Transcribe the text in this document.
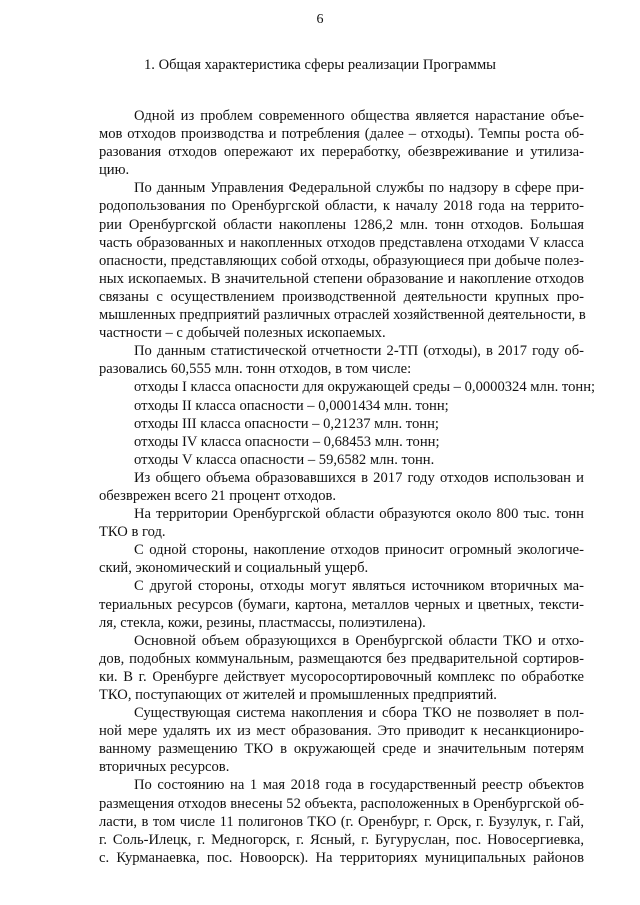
6
1. Общая характеристика сферы реализации Программы
Одной из проблем современного общества является нарастание объе-
мов отходов производства и потребления (далее – отходы). Темпы роста об-
разования отходов опережают их переработку, обезвреживание и утилиза-
цию.
По данным Управления Федеральной службы по надзору в сфере при-
родопользования по Оренбургской области, к началу 2018 года на террито-
рии Оренбургской области накоплены 1286,2 млн. тонн отходов. Большая
часть образованных и накопленных отходов представлена отходами V класса
опасности, представляющих собой отходы, образующиеся при добыче полез-
ных ископаемых. В значительной степени образование и накопление отходов
связаны с осуществлением производственной деятельности крупных про-
мышленных предприятий различных отраслей хозяйственной деятельности, в
частности – с добычей полезных ископаемых.
По данным статистической отчетности 2-ТП (отходы), в 2017 году об-
разовались 60,555 млн. тонн отходов, в том числе:
отходы I класса опасности для окружающей среды – 0,0000324 млн. тонн;
отходы II класса опасности – 0,0001434 млн. тонн;
отходы III класса опасности – 0,21237 млн. тонн;
отходы IV класса опасности – 0,68453 млн. тонн;
отходы V класса опасности – 59,6582 млн. тонн.
Из общего объема образовавшихся в 2017 году отходов использован и
обезврежен всего 21 процент отходов.
На территории Оренбургской области образуются около 800 тыс. тонн
ТКО в год.
С одной стороны, накопление отходов приносит огромный экологиче-
ский, экономический и социальный ущерб.
С другой стороны, отходы могут являться источником вторичных ма-
териальных ресурсов (бумаги, картона, металлов черных и цветных, тексти-
ля, стекла, кожи, резины, пластмассы, полиэтилена).
Основной объем образующихся в Оренбургской области ТКО и отхо-
дов, подобных коммунальным, размещаются без предварительной сортиров-
ки. В г. Оренбурге действует мусоросортировочный комплекс по обработке
ТКО, поступающих от жителей и промышленных предприятий.
Существующая система накопления и сбора ТКО не позволяет в пол-
ной мере удалять их из мест образования. Это приводит к несанкциониро-
ванному размещению ТКО в окружающей среде и значительным потерям
вторичных ресурсов.
По состоянию на 1 мая 2018 года в государственный реестр объектов
размещения отходов внесены 52 объекта, расположенных в Оренбургской об-
ласти, в том числе 11 полигонов ТКО (г. Оренбург, г. Орск, г. Бузулук, г. Гай,
г. Соль-Илецк, г. Медногорск, г. Ясный, г. Бугуруслан, пос. Новосергиевка,
с. Курманаевка, пос. Новоорск). На территориях муниципальных районов
